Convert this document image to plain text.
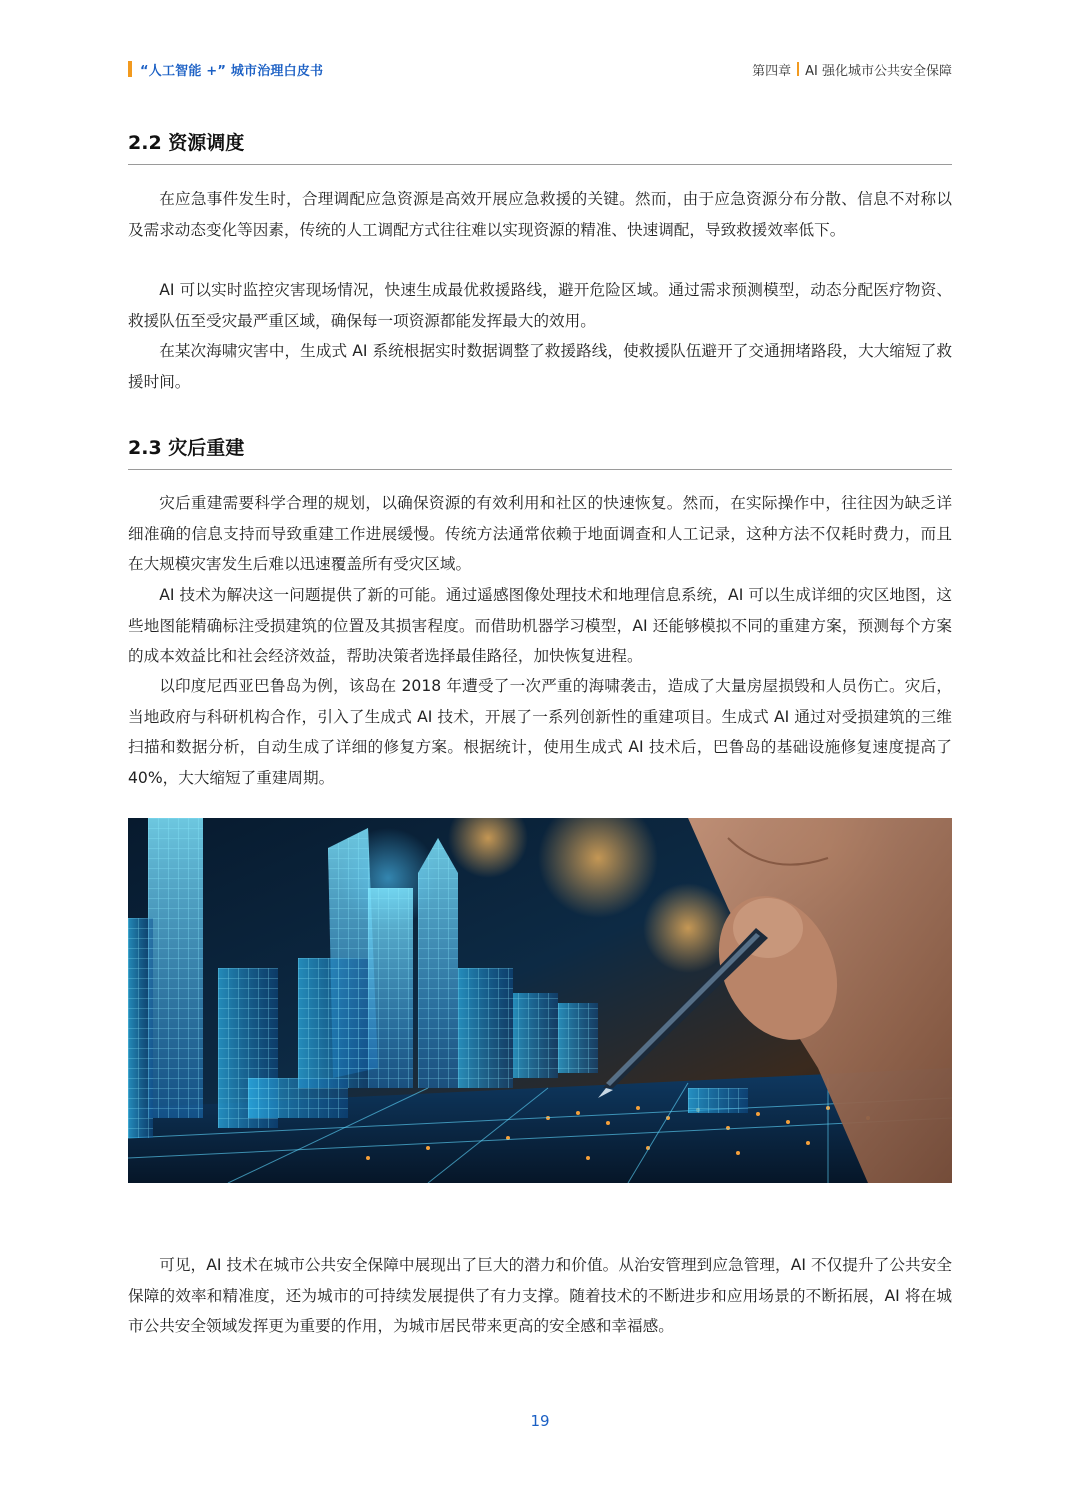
“人工智能 +” 城市治理白皮书	第四章 AI 强化城市公共安全保障
2.2 资源调度

在应急事件发生时，合理调配应急资源是高效开展应急救援的关键。然而，由于应急资源分布分散、信息不对称以及需求动态变化等因素，传统的人工调配方式往往难以实现资源的精准、快速调配，导致救援效率低下。

AI 可以实时监控灾害现场情况，快速生成最优救援路线，避开危险区域。通过需求预测模型，动态分配医疗物资、救援队伍至受灾最严重区域，确保每一项资源都能发挥最大的效用。

在某次海啸灾害中，生成式 AI 系统根据实时数据调整了救援路线，使救援队伍避开了交通拥堵路段，大大缩短了救援时间。

2.3 灾后重建

灾后重建需要科学合理的规划，以确保资源的有效利用和社区的快速恢复。然而，在实际操作中，往往因为缺乏详细准确的信息支持而导致重建工作进展缓慢。传统方法通常依赖于地面调查和人工记录，这种方法不仅耗时费力，而且在大规模灾害发生后难以迅速覆盖所有受灾区域。

AI 技术为解决这一问题提供了新的可能。通过遥感图像处理技术和地理信息系统，AI 可以生成详细的灾区地图，这些地图能精确标注受损建筑的位置及其损害程度。而借助机器学习模型，AI 还能够模拟不同的重建方案，预测每个方案的成本效益比和社会经济效益，帮助决策者选择最佳路径，加快恢复进程。

以印度尼西亚巴鲁岛为例，该岛在 2018 年遭受了一次严重的海啸袭击，造成了大量房屋损毁和人员伤亡。灾后，当地政府与科研机构合作，引入了生成式 AI 技术，开展了一系列创新性的重建项目。生成式 AI 通过对受损建筑的三维扫描和数据分析，自动生成了详细的修复方案。根据统计，使用生成式 AI 技术后，巴鲁岛的基础设施修复速度提高了 40%，大大缩短了重建周期。

可见，AI 技术在城市公共安全保障中展现出了巨大的潜力和价值。从治安管理到应急管理，AI 不仅提升了公共安全保障的效率和精准度，还为城市的可持续发展提供了有力支撑。随着技术的不断进步和应用场景的不断拓展，AI 将在城市公共安全领域发挥更为重要的作用，为城市居民带来更高的安全感和幸福感。

19
